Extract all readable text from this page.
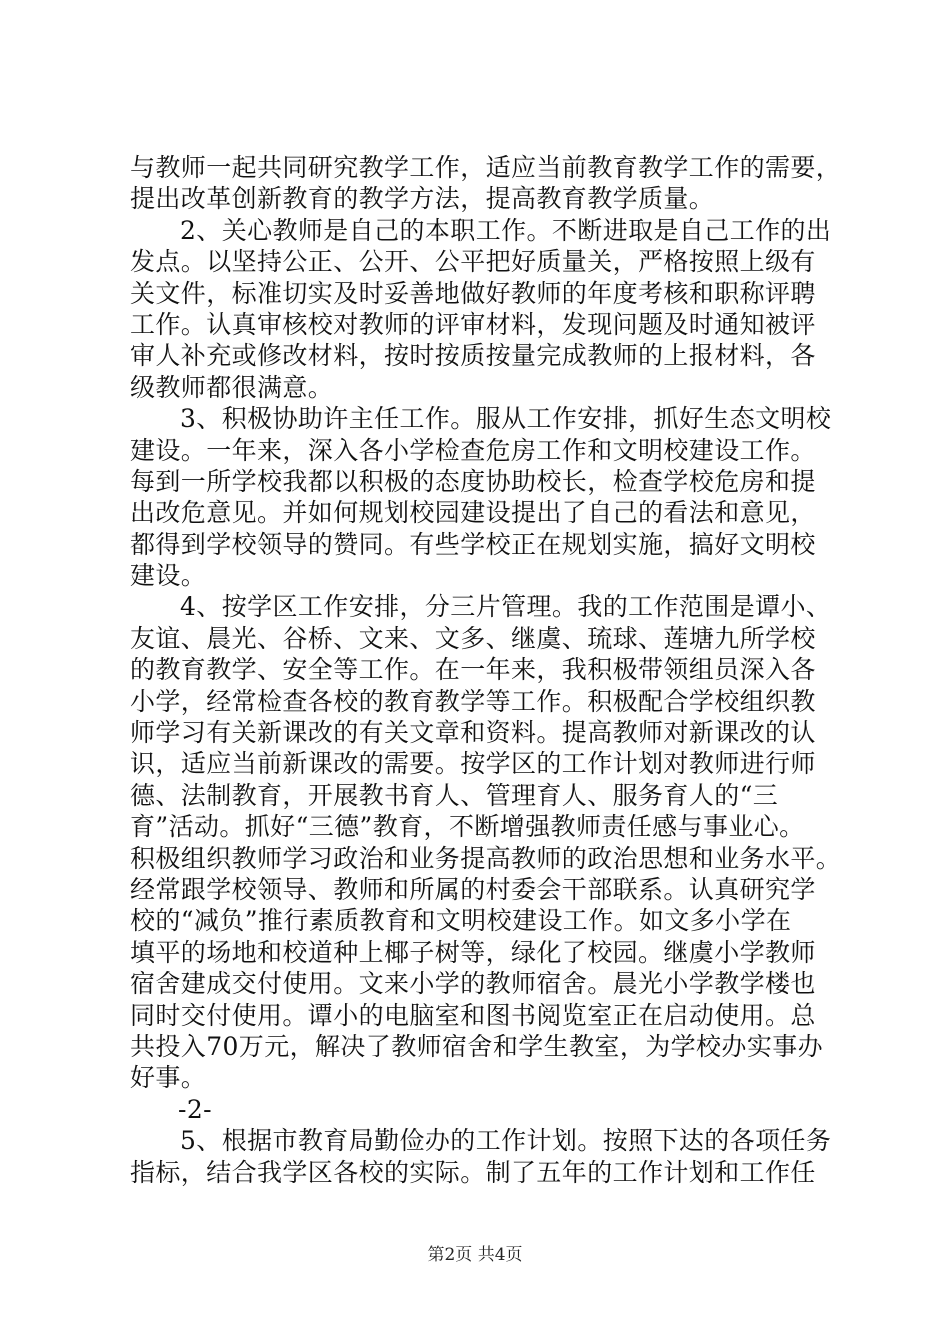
与教师一起共同研究教学工作，适应当前教育教学工作的需要，
提出改革创新教育的教学方法，提高教育教学质量。
2、关心教师是自己的本职工作。不断进取是自己工作的出
发点。以坚持公正、公开、公平把好质量关，严格按照上级有
关文件，标准切实及时妥善地做好教师的年度考核和职称评聘
工作。认真审核校对教师的评审材料，发现问题及时通知被评
审人补充或修改材料，按时按质按量完成教师的上报材料，各
级教师都很满意。
3、积极协助许主任工作。服从工作安排，抓好生态文明校
建设。一年来，深入各小学检查危房工作和文明校建设工作。
每到一所学校我都以积极的态度协助校长，检查学校危房和提
出改危意见。并如何规划校园建设提出了自己的看法和意见，
都得到学校领导的赞同。有些学校正在规划实施，搞好文明校
建设。
4、按学区工作安排，分三片管理。我的工作范围是谭小、
友谊、晨光、谷桥、文来、文多、继虞、琉球、莲塘九所学校
的教育教学、安全等工作。在一年来，我积极带领组员深入各
小学，经常检查各校的教育教学等工作。积极配合学校组织教
师学习有关新课改的有关文章和资料。提高教师对新课改的认
识，适应当前新课改的需要。按学区的工作计划对教师进行师
德、法制教育，开展教书育人、管理育人、服务育人的“三
育”活动。抓好“三德”教育，不断增强教师责任感与事业心。
积极组织教师学习政治和业务提高教师的政治思想和业务水平。
经常跟学校领导、教师和所属的村委会干部联系。认真研究学
校的“减负”推行素质教育和文明校建设工作。如文多小学在
填平的场地和校道种上椰子树等，绿化了校园。继虞小学教师
宿舍建成交付使用。文来小学的教师宿舍。晨光小学教学楼也
同时交付使用。谭小的电脑室和图书阅览室正在启动使用。总
共投入70万元，解决了教师宿舍和学生教室，为学校办实事办
好事。
-2-
5、根据市教育局勤俭办的工作计划。按照下达的各项任务
指标，结合我学区各校的实际。制了五年的工作计划和工作任
第2页 共4页
